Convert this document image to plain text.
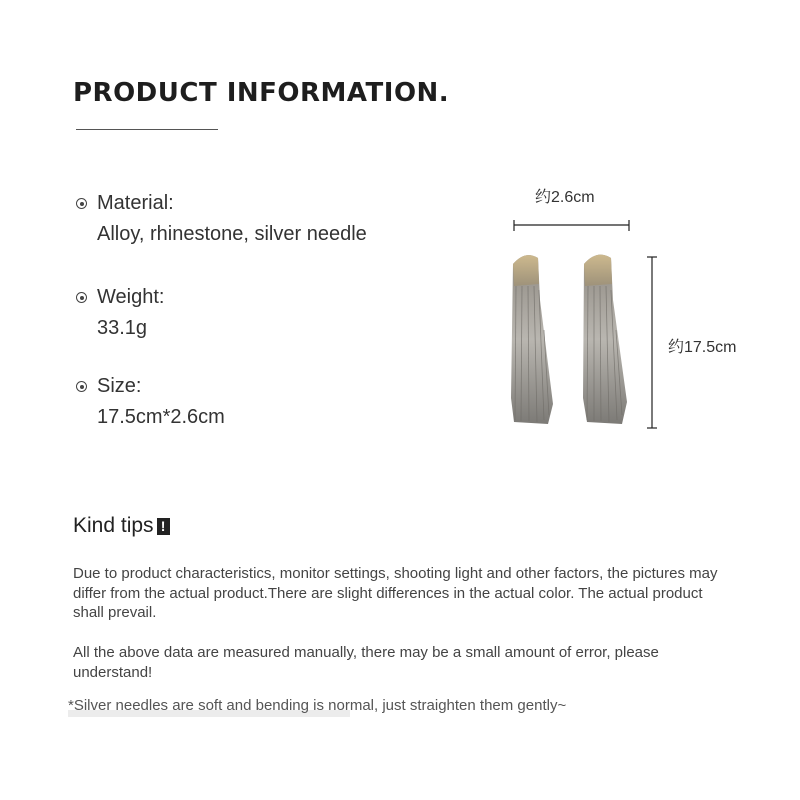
PRODUCT INFORMATION.
Material:
Alloy, rhinestone, silver needle
Weight:
33.1g
Size:
17.5cm*2.6cm
约2.6cm
约17.5cm
Kind tips !
Due to product characteristics, monitor settings, shooting light and other factors, the pictures may differ from the actual product.There are slight differences in the actual color. The actual product shall prevail.
All the above data are measured manually, there may be a small amount of error, please understand!
*Silver needles are soft and bending is normal, just straighten them gently~
